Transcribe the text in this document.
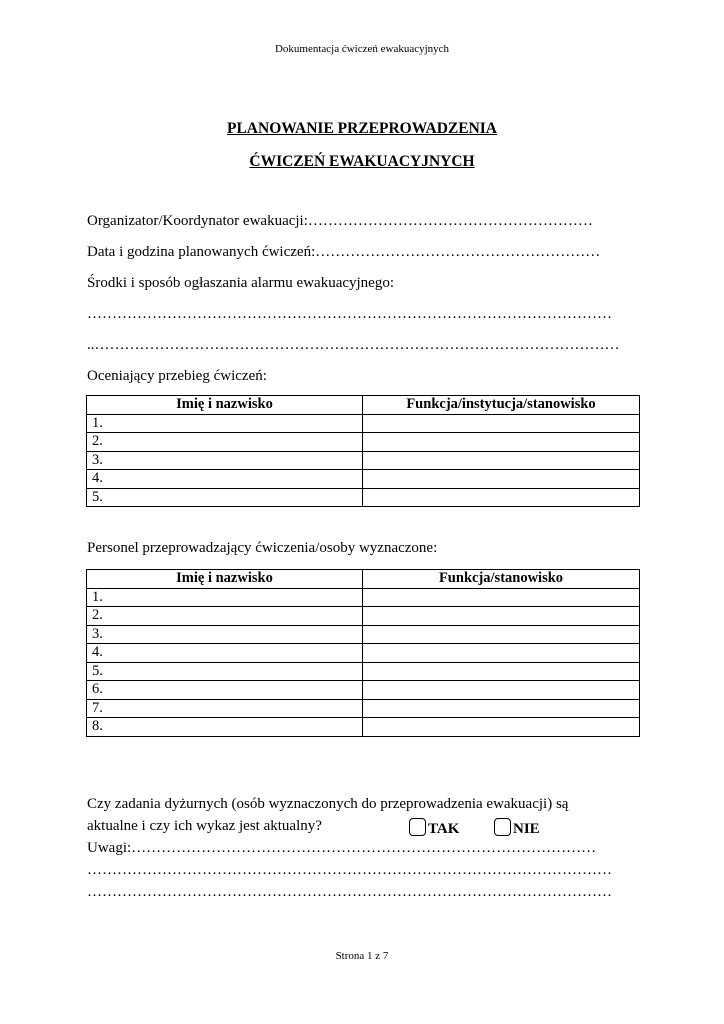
Dokumentacja ćwiczeń ewakuacyjnych
PLANOWANIE PRZEPROWADZENIA
ĆWICZEŃ EWAKUACYJNYCH
Organizator/Koordynator ewakuacji:…………………………………………………
Data i godzina planowanych ćwiczeń:…………………………………………………
Środki i sposób ogłaszania alarmu ewakuacyjnego:
……………………………………………………………………………………………
..……………………………………………………………………………………………
Oceniający przebieg ćwiczeń:
Imię i nazwisko	Funkcja/instytucja/stanowisko
1.	
2.	
3.	
4.	
5.	
Personel przeprowadzający ćwiczenia/osoby wyznaczone:
Imię i nazwisko	Funkcja/stanowisko
1.	
2.	
3.	
4.	
5.	
6.	
7.	
8.	
Czy zadania dyżurnych (osób wyznaczonych do przeprowadzenia ewakuacji) są
aktualne i czy ich wykaz jest aktualny?	TAK	NIE
Uwagi:…………………………………………………………………………………
……………………………………………………………………………………………
……………………………………………………………………………………………
Strona 1 z 7
